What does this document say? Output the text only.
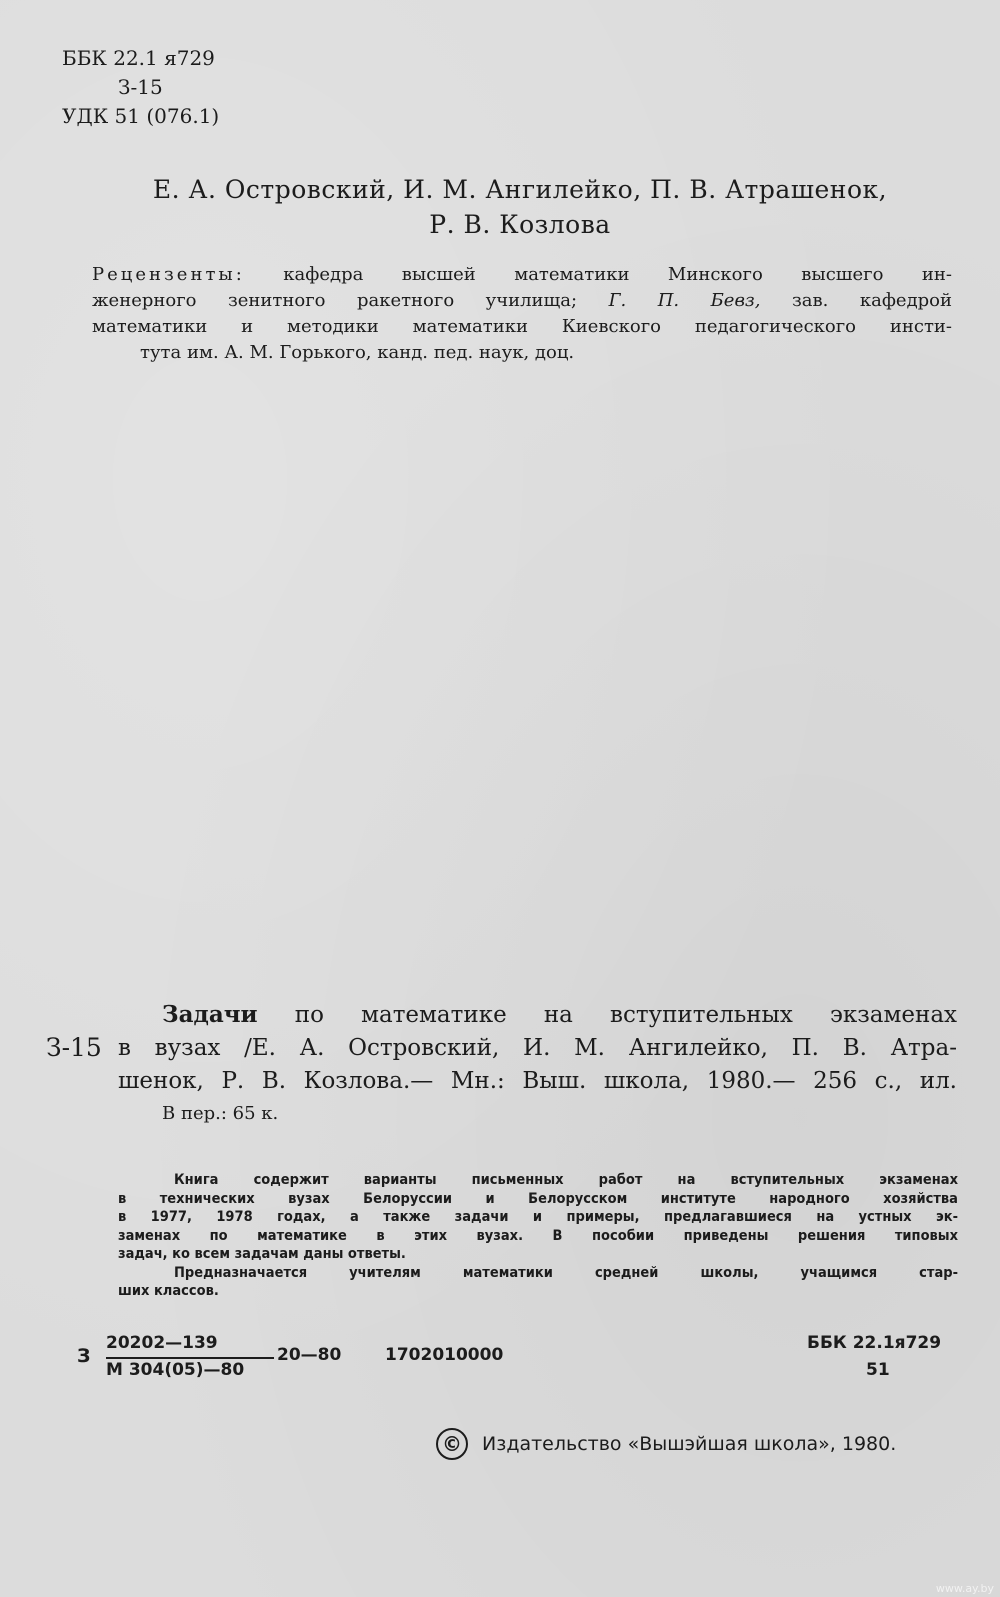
ББК 22.1 я729
З-15
УДК 51 (076.1)
Е. А. Островский, И. М. Ангилейко, П. В. Атрашенок,
Р. В. Козлова
Рецензенты: кафедра высшей математики Минского высшего ин-
женерного зенитного ракетного училища; Г. П. Бевз, зав. кафедрой
математики и методики математики Киевского педагогического инсти-
тута им. А. М. Горького, канд. пед. наук, доц.
З-15
Задачи по математике на вступительных экзаменах
в вузах /Е. А. Островский, И. М. Ангилейко, П. В. Атра-
шенок, Р. В. Козлова.— Мн.: Выш. школа, 1980.— 256 с., ил.
В пер.: 65 к.
Книга содержит варианты письменных работ на вступительных экзаменах
в технических вузах Белоруссии и Белорусском институте народного хозяйства
в 1977, 1978 годах, а также задачи и примеры, предлагавшиеся на устных эк-
заменах по математике в этих вузах. В пособии приведены решения типовых
задач, ко всем задачам даны ответы.
Предназначается учителям математики средней школы, учащимся стар-
ших классов.
З
20202—139
М 304(05)—80
20—80	1702010000
ББК 22.1я729
51
© Издательство «Вышэйшая школа», 1980.
www.ay.by
